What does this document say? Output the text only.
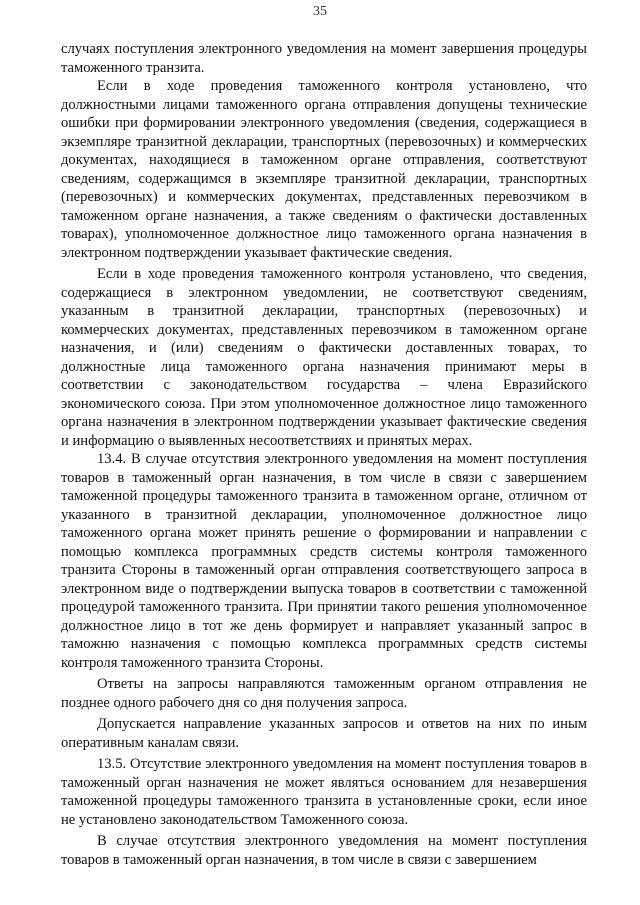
35

случаях поступления электронного уведомления на момент завершения процедуры таможенного транзита.

Если в ходе проведения таможенного контроля установлено, что должностными лицами таможенного органа отправления допущены технические ошибки при формировании электронного уведомления (сведения, содержащиеся в экземпляре транзитной декларации, транспортных (перевозочных) и коммерческих документах, находящиеся в таможенном органе отправления, соответствуют сведениям, содержащимся в экземпляре транзитной декларации, транспортных (перевозочных) и коммерческих документах, представленных перевозчиком в таможенном органе назначения, а также сведениям о фактически доставленных товарах), уполномоченное должностное лицо таможенного органа назначения в электронном подтверждении указывает фактические сведения.

Если в ходе проведения таможенного контроля установлено, что сведения, содержащиеся в электронном уведомлении, не соответствуют сведениям, указанным в транзитной декларации, транспортных (перевозочных) и коммерческих документах, представленных перевозчиком в таможенном органе назначения, и (или) сведениям о фактически доставленных товарах, то должностные лица таможенного органа назначения принимают меры в соответствии с законодательством государства – члена Евразийского экономического союза. При этом уполномоченное должностное лицо таможенного органа назначения в электронном подтверждении указывает фактические сведения и информацию о выявленных несоответствиях и принятых мерах.

13.4. В случае отсутствия электронного уведомления на момент поступления товаров в таможенный орган назначения, в том числе в связи с завершением таможенной процедуры таможенного транзита в таможенном органе, отличном от указанного в транзитной декларации, уполномоченное должностное лицо таможенного органа может принять решение о формировании и направлении с помощью комплекса программных средств системы контроля таможенного транзита Стороны в таможенный орган отправления соответствующего запроса в электронном виде о подтверждении выпуска товаров в соответствии с таможенной процедурой таможенного транзита. При принятии такого решения уполномоченное должностное лицо в тот же день формирует и направляет указанный запрос в таможню назначения с помощью комплекса программных средств системы контроля таможенного транзита Стороны.

Ответы на запросы направляются таможенным органом отправления не позднее одного рабочего дня со дня получения запроса.

Допускается направление указанных запросов и ответов на них по иным оперативным каналам связи.

13.5. Отсутствие электронного уведомления на момент поступления товаров в таможенный орган назначения не может являться основанием для незавершения таможенной процедуры таможенного транзита в установленные сроки, если иное не установлено законодательством Таможенного союза.

В случае отсутствия электронного уведомления на момент поступления товаров в таможенный орган назначения, в том числе в связи с завершением
